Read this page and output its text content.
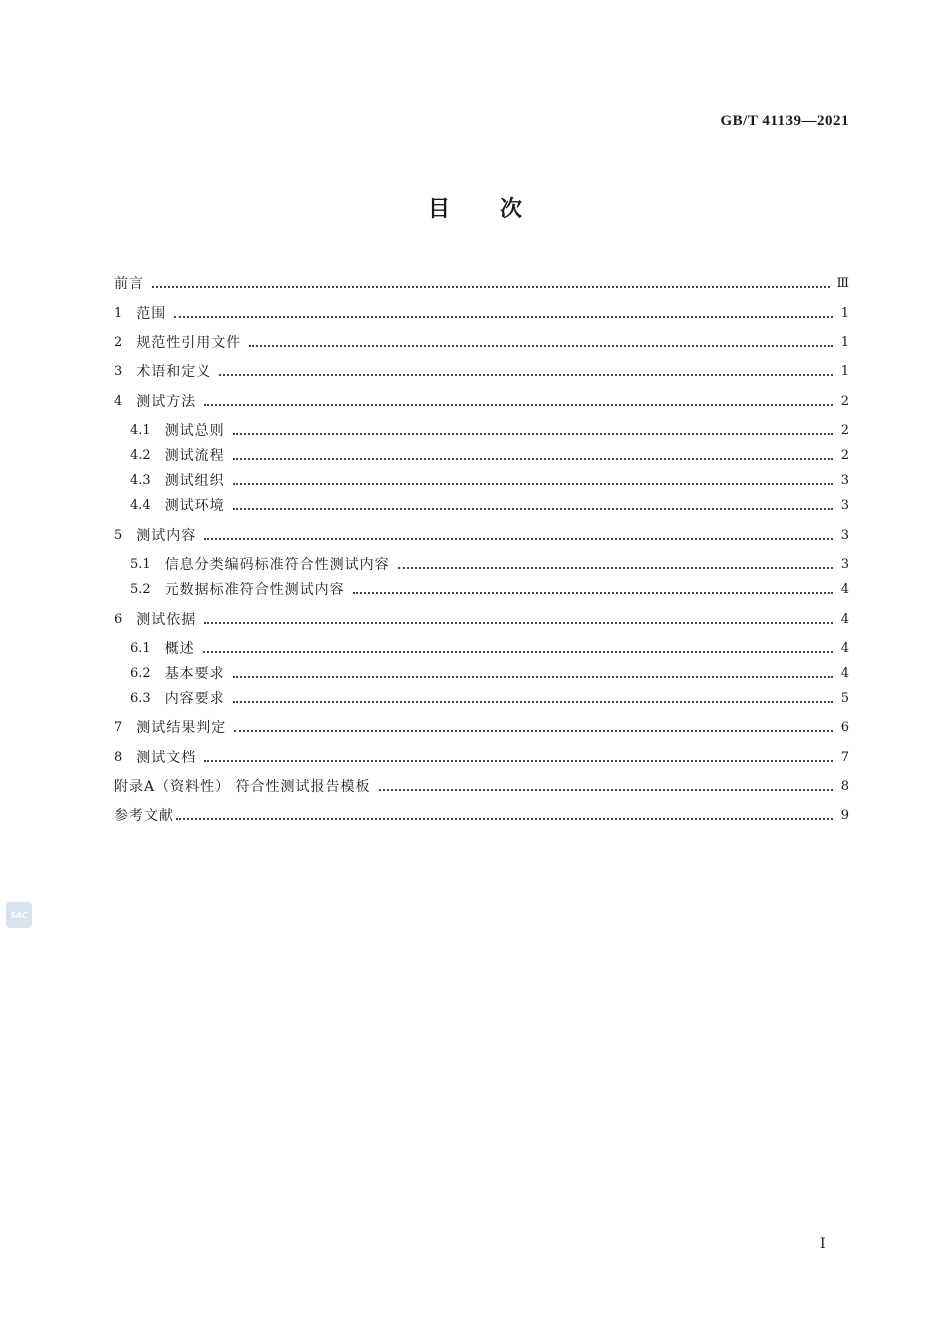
GB/T 41139—2021
目次
前言	Ⅲ
1 范围	1
2 规范性引用文件	1
3 术语和定义	1
4 测试方法	2
4.1 测试总则	2
4.2 测试流程	2
4.3 测试组织	3
4.4 测试环境	3
5 测试内容	3
5.1 信息分类编码标准符合性测试内容	3
5.2 元数据标准符合性测试内容	4
6 测试依据	4
6.1 概述	4
6.2 基本要求	4
6.3 内容要求	5
7 测试结果判定	6
8 测试文档	7
附录A（资料性） 符合性测试报告模板	8
参考文献	9
SAC
I
